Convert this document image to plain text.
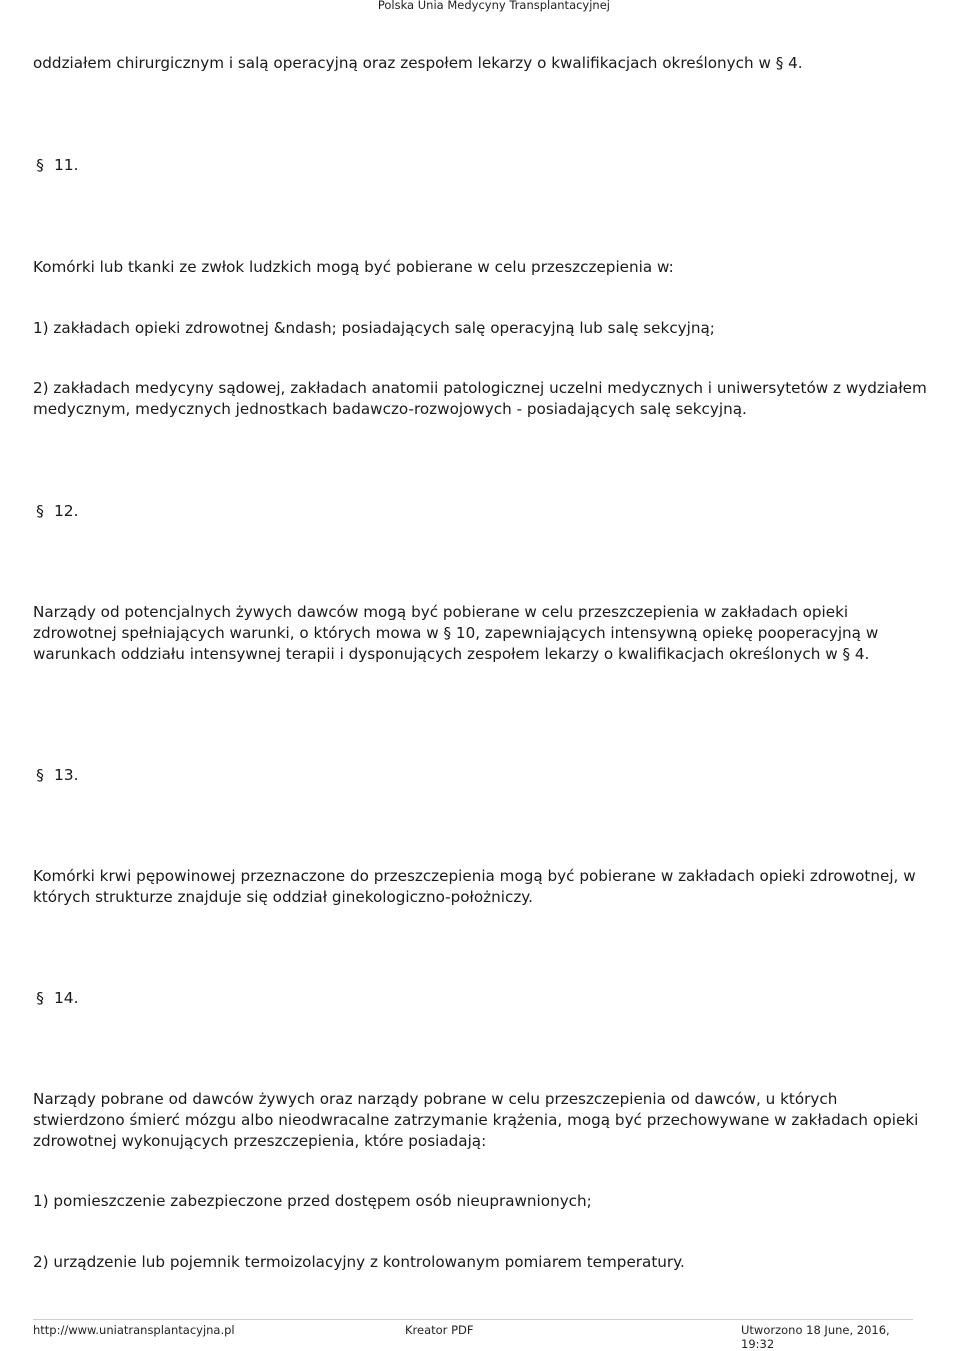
Polska Unia Medycyny Transplantacyjnej
oddziałem chirurgicznym i salą operacyjną oraz zespołem lekarzy o kwalifikacjach określonych w § 4.
§ 11.
Komórki lub tkanki ze zwłok ludzkich mogą być pobierane w celu przeszczepienia w:
1) zakładach opieki zdrowotnej &ndash; posiadających salę operacyjną lub salę sekcyjną;
2) zakładach medycyny sądowej, zakładach anatomii patologicznej uczelni medycznych i uniwersytetów z wydziałem medycznym, medycznych jednostkach badawczo-rozwojowych - posiadających salę sekcyjną.
§ 12.
Narządy od potencjalnych żywych dawców mogą być pobierane w celu przeszczepienia w zakładach opieki zdrowotnej spełniających warunki, o których mowa w § 10, zapewniających intensywną opiekę pooperacyjną w warunkach oddziału intensywnej terapii i dysponujących zespołem lekarzy o kwalifikacjach określonych w § 4.
§ 13.
Komórki krwi pępowinowej przeznaczone do przeszczepienia mogą być pobierane w zakładach opieki zdrowotnej, w których strukturze znajduje się oddział ginekologiczno-położniczy.
§ 14.
Narządy pobrane od dawców żywych oraz narządy pobrane w celu przeszczepienia od dawców, u których stwierdzono śmierć mózgu albo nieodwracalne zatrzymanie krążenia, mogą być przechowywane w zakładach opieki zdrowotnej wykonujących przeszczepienia, które posiadają:
1) pomieszczenie zabezpieczone przed dostępem osób nieuprawnionych;
2) urządzenie lub pojemnik termoizolacyjny z kontrolowanym pomiarem temperatury.
http://www.uniatransplantacyjna.pl	Kreator PDF	Utworzono 18 June, 2016, 19:32
